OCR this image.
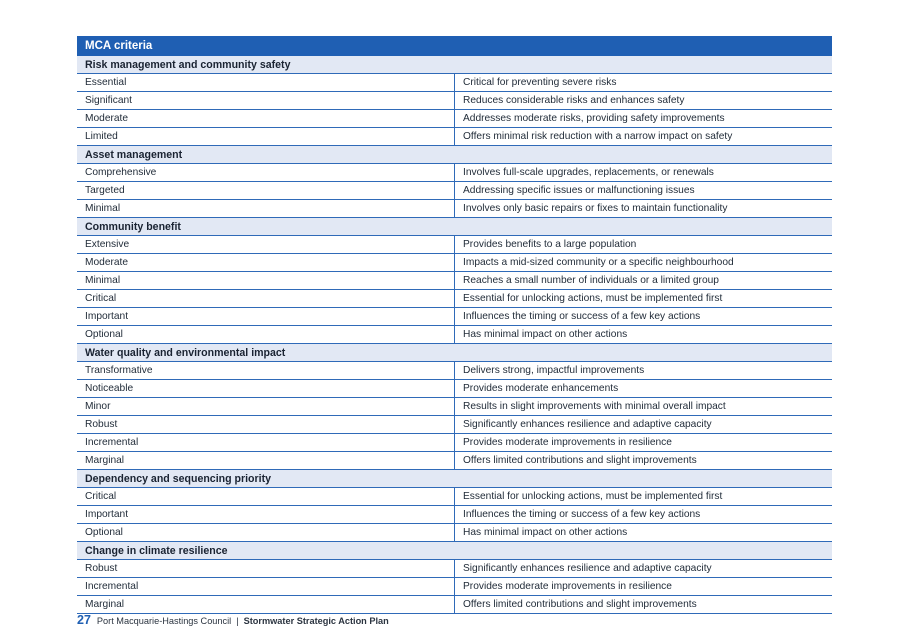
MCA criteria	
Risk management and community safety	
Essential	Critical for preventing severe risks
Significant	Reduces considerable risks and enhances safety
Moderate	Addresses moderate risks, providing safety improvements
Limited	Offers minimal risk reduction with a narrow impact on safety
Asset management	
Comprehensive	Involves full-scale upgrades, replacements, or renewals
Targeted	Addressing specific issues or malfunctioning issues
Minimal	Involves only basic repairs or fixes to maintain functionality
Community benefit	
Extensive	Provides benefits to a large population
Moderate	Impacts a mid-sized community or a specific neighbourhood
Minimal	Reaches a small number of individuals or a limited group
Critical	Essential for unlocking actions, must be implemented first
Important	Influences the timing or success of a few key actions
Optional	Has minimal impact on other actions
Water quality and environmental impact	
Transformative	Delivers strong, impactful improvements
Noticeable	Provides moderate enhancements
Minor	Results in slight improvements with minimal overall impact
Robust	Significantly enhances resilience and adaptive capacity
Incremental	Provides moderate improvements in resilience
Marginal	Offers limited contributions and slight improvements
Dependency and sequencing priority	
Critical	Essential for unlocking actions, must be implemented first
Important	Influences the timing or success of a few key actions
Optional	Has minimal impact on other actions
Change in climate resilience	
Robust	Significantly enhances resilience and adaptive capacity
Incremental	Provides moderate improvements in resilience
Marginal	Offers limited contributions and slight improvements
27 Port Macquarie-Hastings Council | Stormwater Strategic Action Plan
